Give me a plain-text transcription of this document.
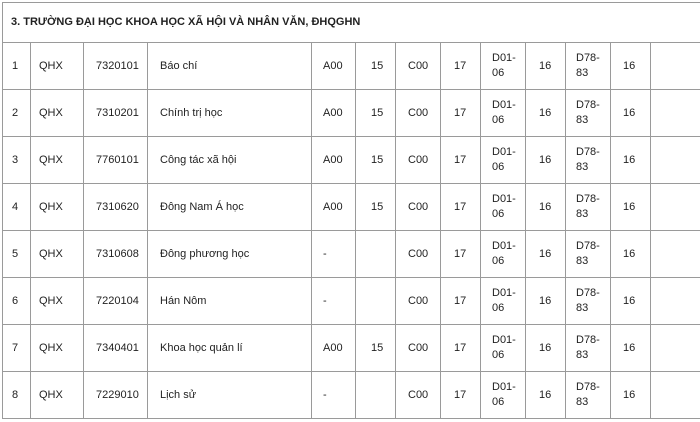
3. TRƯỜNG ĐẠI HỌC KHOA HỌC XÃ HỘI VÀ NHÂN VĂN, ĐHQGHN												
1	QHX	7320101	Báo chí	A00	15	C00	17	D01-06	16	D78-83	16	
2	QHX	7310201	Chính trị học	A00	15	C00	17	D01-06	16	D78-83	16	
3	QHX	7760101	Công tác xã hội	A00	15	C00	17	D01-06	16	D78-83	16	
4	QHX	7310620	Đông Nam Á học	A00	15	C00	17	D01-06	16	D78-83	16	
5	QHX	7310608	Đông phương học	-		C00	17	D01-06	16	D78-83	16	
6	QHX	7220104	Hán Nôm	-		C00	17	D01-06	16	D78-83	16	
7	QHX	7340401	Khoa học quản lí	A00	15	C00	17	D01-06	16	D78-83	16	
8	QHX	7229010	Lịch sử	-		C00	17	D01-06	16	D78-83	16	
